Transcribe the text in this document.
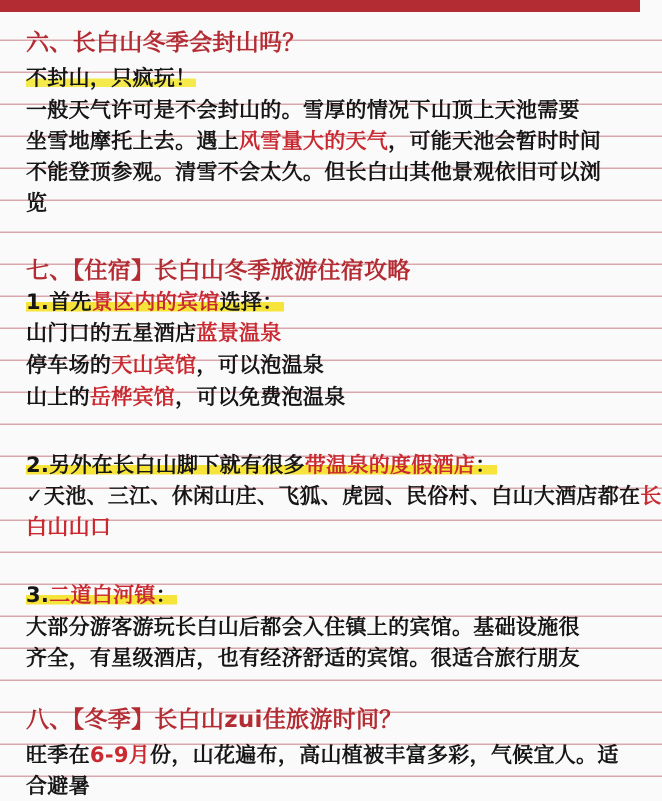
六、长白山冬季会封山吗？
不封山，只疯玩！
一般天气许可是不会封山的。雪厚的情况下山顶上天池需要
坐雪地摩托上去。遇上风雪量大的天气，可能天池会暂时时间
不能登顶参观。清雪不会太久。但长白山其他景观依旧可以浏
览
七、【住宿】长白山冬季旅游住宿攻略
1.首先景区内的宾馆选择：
山门口的五星酒店蓝景温泉
停车场的天山宾馆，可以泡温泉
山上的岳桦宾馆，可以免费泡温泉
2.另外在长白山脚下就有很多带温泉的度假酒店：
✓天池、三江、休闲山庄、飞狐、虎园、民俗村、白山大酒店都在长
白山山口
3.二道白河镇：
大部分游客游玩长白山后都会入住镇上的宾馆。基础设施很
齐全，有星级酒店，也有经济舒适的宾馆。很适合旅行朋友
八、【冬季】长白山zui佳旅游时间？
旺季在6-9月份，山花遍布，高山植被丰富多彩，气候宜人。适
合避暑
